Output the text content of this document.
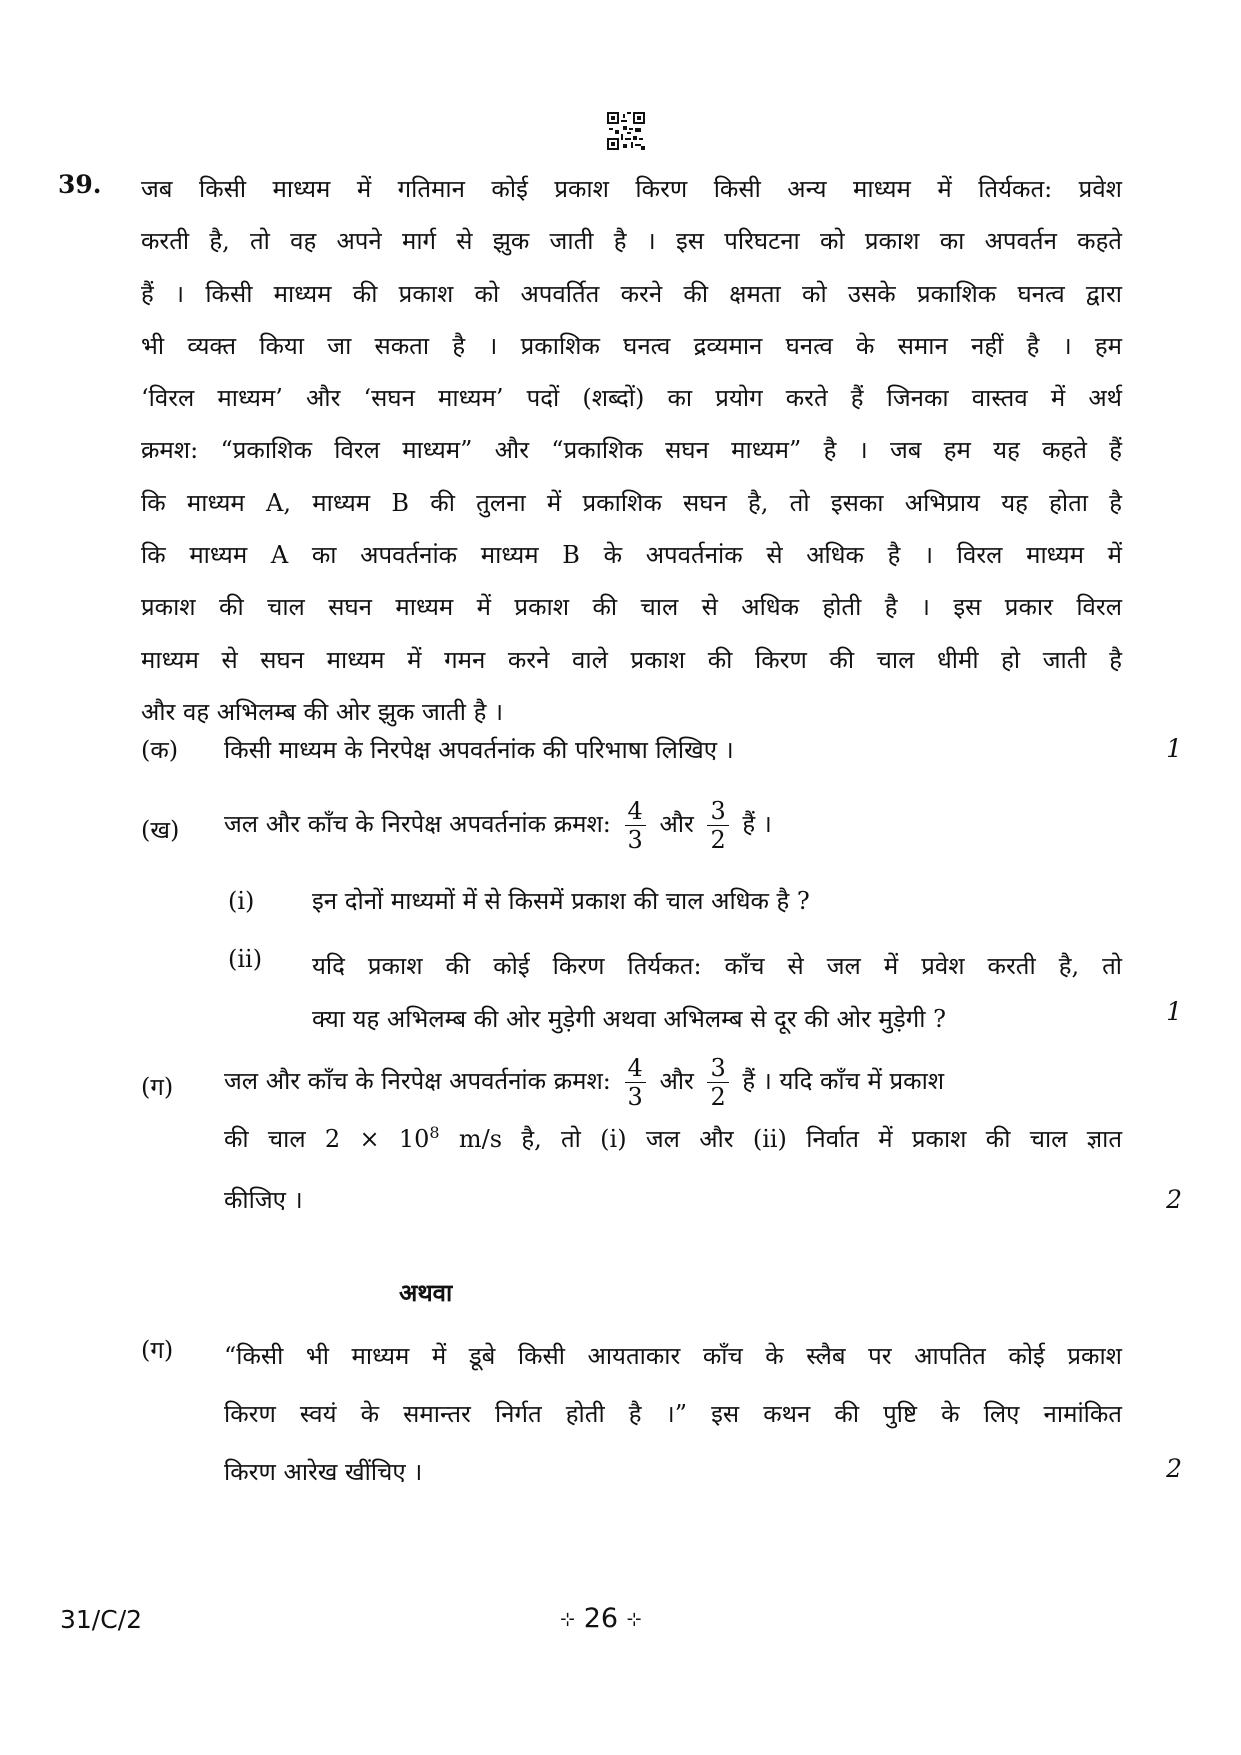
39. जब किसी माध्यम में गतिमान कोई प्रकाश किरण किसी अन्य माध्यम में तिर्यकत: प्रवेश
करती है, तो वह अपने मार्ग से झुक जाती है । इस परिघटना को प्रकाश का अपवर्तन कहते
हैं । किसी माध्यम की प्रकाश को अपवर्तित करने की क्षमता को उसके प्रकाशिक घनत्व द्वारा
भी व्यक्त किया जा सकता है । प्रकाशिक घनत्व द्रव्यमान घनत्व के समान नहीं है । हम
‘विरल माध्यम’ और ‘सघन माध्यम’ पदों (शब्दों) का प्रयोग करते हैं जिनका वास्तव में अर्थ
क्रमश: “प्रकाशिक विरल माध्यम” और “प्रकाशिक सघन माध्यम” है । जब हम यह कहते हैं
कि माध्यम A, माध्यम B की तुलना में प्रकाशिक सघन है, तो इसका अभिप्राय यह होता है
कि माध्यम A का अपवर्तनांक माध्यम B के अपवर्तनांक से अधिक है । विरल माध्यम में
प्रकाश की चाल सघन माध्यम में प्रकाश की चाल से अधिक होती है । इस प्रकार विरल
माध्यम से सघन माध्यम में गमन करने वाले प्रकाश की किरण की चाल धीमी हो जाती है
और वह अभिलम्ब की ओर झुक जाती है ।
(क) किसी माध्यम के निरपेक्ष अपवर्तनांक की परिभाषा लिखिए ।	1
(ख) जल और काँच के निरपेक्ष अपवर्तनांक क्रमश: $\frac{4}{3}$ और $\frac{3}{2}$ हैं ।
(i) इन दोनों माध्यमों में से किसमें प्रकाश की चाल अधिक है ?
(ii) यदि प्रकाश की कोई किरण तिर्यकत: काँच से जल में प्रवेश करती है, तो
क्या यह अभिलम्ब की ओर मुड़ेगी अथवा अभिलम्ब से दूर की ओर मुड़ेगी ?	1
(ग) जल और काँच के निरपेक्ष अपवर्तनांक क्रमश: $\frac{4}{3}$ और $\frac{3}{2}$ हैं । यदि काँच में प्रकाश
की चाल $2 \times 10^8$ m/s है, तो (i) जल और (ii) निर्वात में प्रकाश की चाल ज्ञात
कीजिए ।	2
अथवा
(ग) “किसी भी माध्यम में डूबे किसी आयताकार काँच के स्लैब पर आपतित कोई प्रकाश
किरण स्वयं के समान्तर निर्गत होती है ।” इस कथन की पुष्टि के लिए नामांकित
किरण आरेख खींचिए ।	2
31/C/2	⊹ 26 ⊹
